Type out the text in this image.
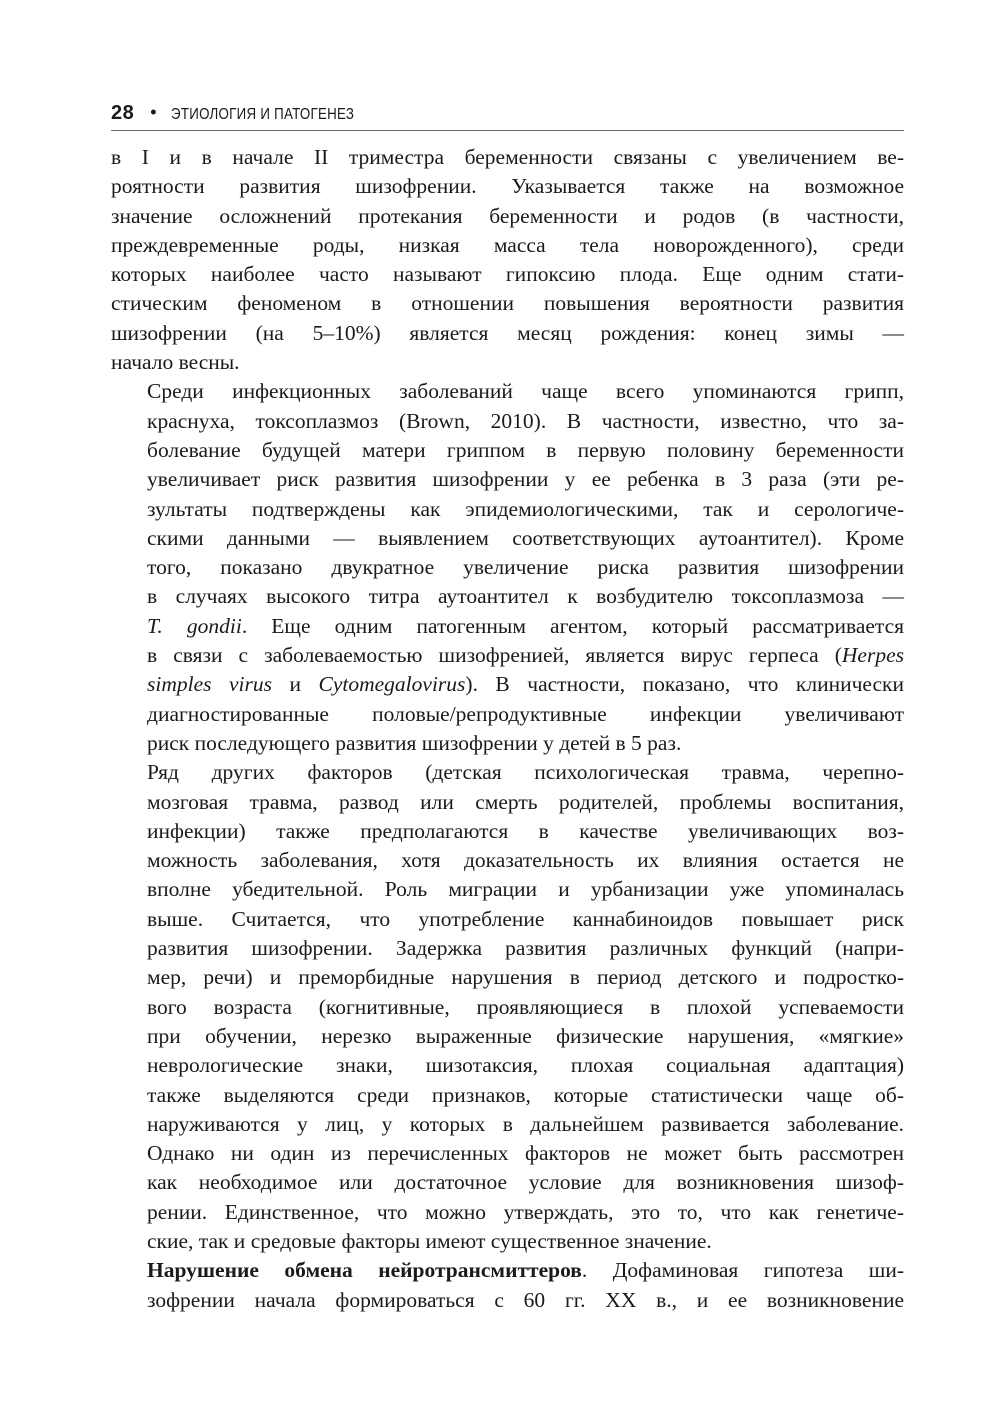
28 • ЭТИОЛОГИЯ И ПАТОГЕНЕЗ

в I и в начале II триместра беременности связаны с увеличением ве-
роятности развития шизофрении. Указывается также на возможное
значение осложнений протекания беременности и родов (в частности,
преждевременные роды, низкая масса тела новорожденного), среди
которых наиболее часто называют гипоксию плода. Еще одним стати-
стическим феноменом в отношении повышения вероятности развития
шизофрении (на 5–10%) является месяц рождения: конец зимы —
начало весны.

Среди инфекционных заболеваний чаще всего упоминаются грипп,
краснуха, токсоплазмоз (Brown, 2010). В частности, известно, что за-
болевание будущей матери гриппом в первую половину беременности
увеличивает риск развития шизофрении у ее ребенка в 3 раза (эти ре-
зультаты подтверждены как эпидемиологическими, так и серологиче-
скими данными — выявлением соответствующих аутоантител). Кроме
того, показано двукратное увеличение риска развития шизофрении
в случаях высокого титра аутоантител к возбудителю токсоплазмоза —
T. gondii. Еще одним патогенным агентом, который рассматривается
в связи с заболеваемостью шизофренией, является вирус герпеса (Herpes
simples virus и Cytomegalovirus). В частности, показано, что клинически
диагностированные половые/репродуктивные инфекции увеличивают
риск последующего развития шизофрении у детей в 5 раз.

Ряд других факторов (детская психологическая травма, черепно-
мозговая травма, развод или смерть родителей, проблемы воспитания,
инфекции) также предполагаются в качестве увеличивающих воз-
можность заболевания, хотя доказательность их влияния остается не
вполне убедительной. Роль миграции и урбанизации уже упоминалась
выше. Считается, что употребление каннабиноидов повышает риск
развития шизофрении. Задержка развития различных функций (напри-
мер, речи) и преморбидные нарушения в период детского и подростко-
вого возраста (когнитивные, проявляющиеся в плохой успеваемости
при обучении, нерезко выраженные физические нарушения, «мягкие»
неврологические знаки, шизотаксия, плохая социальная адаптация)
также выделяются среди признаков, которые статистически чаще об-
наруживаются у лиц, у которых в дальнейшем развивается заболевание.
Однако ни один из перечисленных факторов не может быть рассмотрен
как необходимое или достаточное условие для возникновения шизоф-
рении. Единственное, что можно утверждать, это то, что как генетиче-
ские, так и средовые факторы имеют существенное значение.

Нарушение обмена нейротрансмиттеров. Дофаминовая гипотеза ши-
зофрении начала формироваться с 60 гг. XX в., и ее возникновение
